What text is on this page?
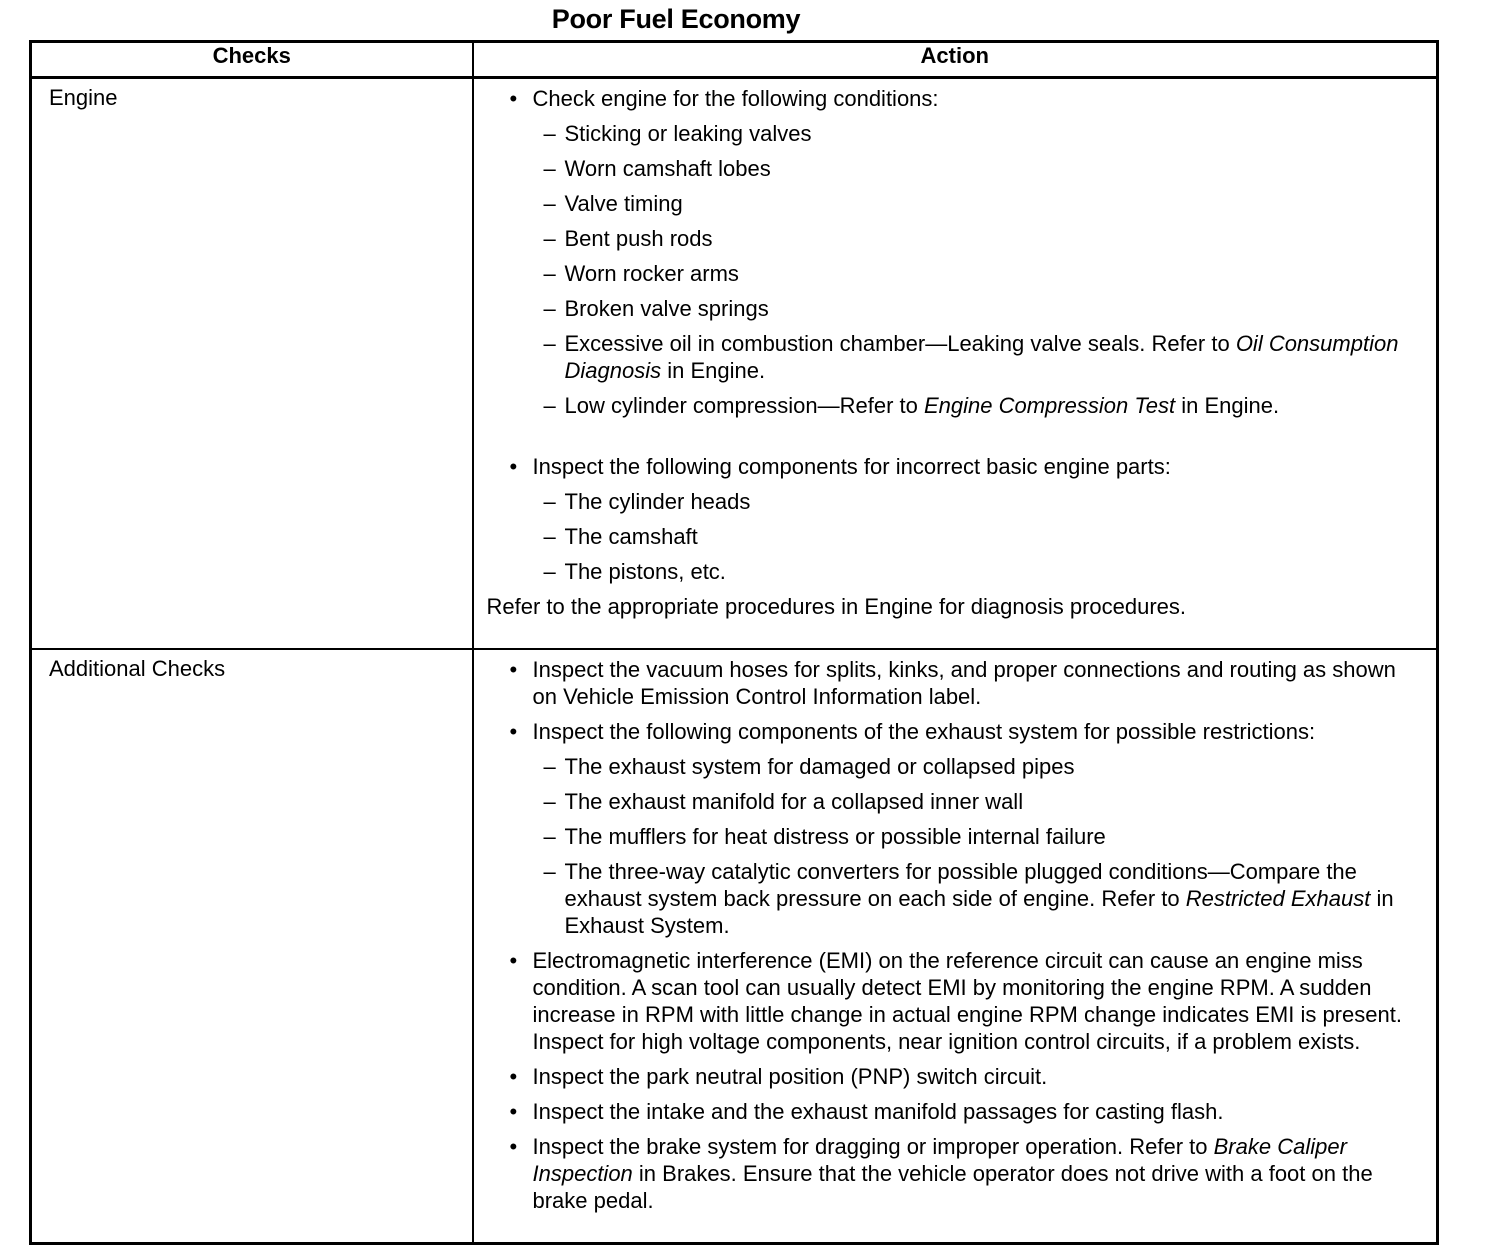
Poor Fuel Economy
Checks	Action
Engine	• Check engine for the following conditions:
– Sticking or leaking valves
– Worn camshaft lobes
– Valve timing
– Bent push rods
– Worn rocker arms
– Broken valve springs
– Excessive oil in combustion chamber—Leaking valve seals. Refer to Oil Consumption Diagnosis in Engine.
– Low cylinder compression—Refer to Engine Compression Test in Engine.
• Inspect the following components for incorrect basic engine parts:
– The cylinder heads
– The camshaft
– The pistons, etc.
Refer to the appropriate procedures in Engine for diagnosis procedures.

Additional Checks	• Inspect the vacuum hoses for splits, kinks, and proper connections and routing as shown on Vehicle Emission Control Information label.
• Inspect the following components of the exhaust system for possible restrictions:
– The exhaust system for damaged or collapsed pipes
– The exhaust manifold for a collapsed inner wall
– The mufflers for heat distress or possible internal failure
– The three-way catalytic converters for possible plugged conditions—Compare the exhaust system back pressure on each side of engine. Refer to Restricted Exhaust in Exhaust System.
• Electromagnetic interference (EMI) on the reference circuit can cause an engine miss condition. A scan tool can usually detect EMI by monitoring the engine RPM. A sudden increase in RPM with little change in actual engine RPM change indicates EMI is present. Inspect for high voltage components, near ignition control circuits, if a problem exists.
• Inspect the park neutral position (PNP) switch circuit.
• Inspect the intake and the exhaust manifold passages for casting flash.
• Inspect the brake system for dragging or improper operation. Refer to Brake Caliper Inspection in Brakes. Ensure that the vehicle operator does not drive with a foot on the brake pedal.
